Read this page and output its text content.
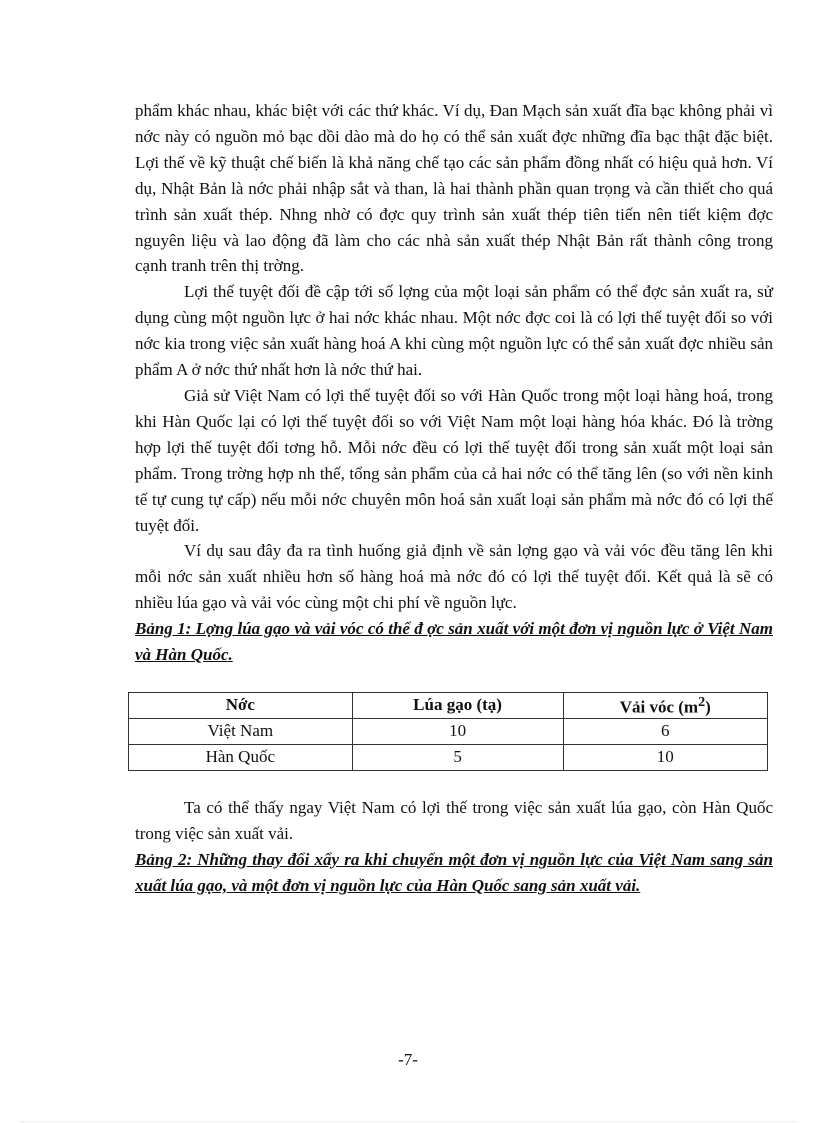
phẩm khác nhau, khác biệt với các thứ khác. Ví dụ, Đan Mạch sản xuất đĩa bạc không phải vì nớc này có nguồn mỏ bạc dồi dào mà do họ có thể sản xuất đợc những đĩa bạc thật đặc biệt. Lợi thế về kỹ thuật chế biến là khả năng chế tạo các sản phẩm đồng nhất có hiệu quả hơn. Ví dụ, Nhật Bản là nớc phải nhập sắt và than, là hai thành phần quan trọng và cần thiết cho quá trình sản xuất thép. Nhng nhờ có đợc quy trình sản xuất thép tiên tiến nên tiết kiệm đợc nguyên liệu và lao động đã làm cho các nhà sản xuất thép Nhật Bản rất thành công trong cạnh tranh trên thị trờng.

Lợi thế tuyệt đối đề cập tới số lợng của một loại sản phẩm có thể đợc sản xuất ra, sử dụng cùng một nguồn lực ở hai nớc khác nhau. Một nớc đợc coi là có lợi thế tuyệt đối so với nớc kia trong việc sản xuất hàng hoá A khi cùng một nguồn lực có thể sản xuất đợc nhiều sản phẩm A ở nớc thứ nhất hơn là nớc thứ hai.

Giả sử Việt Nam có lợi thế tuyệt đối so với Hàn Quốc trong một loại hàng hoá, trong khi Hàn Quốc lại có lợi thế tuyệt đối so với Việt Nam một loại hàng hóa khác. Đó là trờng hợp lợi thế tuyệt đối tơng hỗ. Mỗi nớc đều có lợi thế tuyệt đối trong sản xuất một loại sản phẩm. Trong trờng hợp nh thế, tổng sản phẩm của cả hai nớc có thể tăng lên (so với nền kinh tế tự cung tự cấp) nếu mỗi nớc chuyên môn hoá sản xuất loại sản phẩm mà nớc đó có lợi thế tuyệt đối.

Ví dụ sau đây đa ra tình huống giả định về sản lợng gạo và vải vóc đều tăng lên khi mỗi nớc sản xuất nhiều hơn số hàng hoá mà nớc đó có lợi thế tuyệt đối. Kết quả là sẽ có nhiều lúa gạo và vải vóc cùng một chi phí về nguồn lực.

Bảng 1: Lợng lúa gạo và vải vóc có thể đ ợc sản xuất với một đơn vị nguồn lực ở Việt Nam và Hàn Quốc.

Nớc	Lúa gạo (tạ)	Vải vóc $(m^2)$
Việt Nam	10	6
Hàn Quốc	5	10

Ta có thể thấy ngay Việt Nam có lợi thế trong việc sản xuất lúa gạo, còn Hàn Quốc trong việc sản xuất vải.

Bảng 2: Những thay đổi xẩy ra khi chuyển một đơn vị nguồn lực của Việt Nam sang sản xuất lúa gạo, và một đơn vị nguồn lực của Hàn Quốc sang sản xuất vải.

-7-
